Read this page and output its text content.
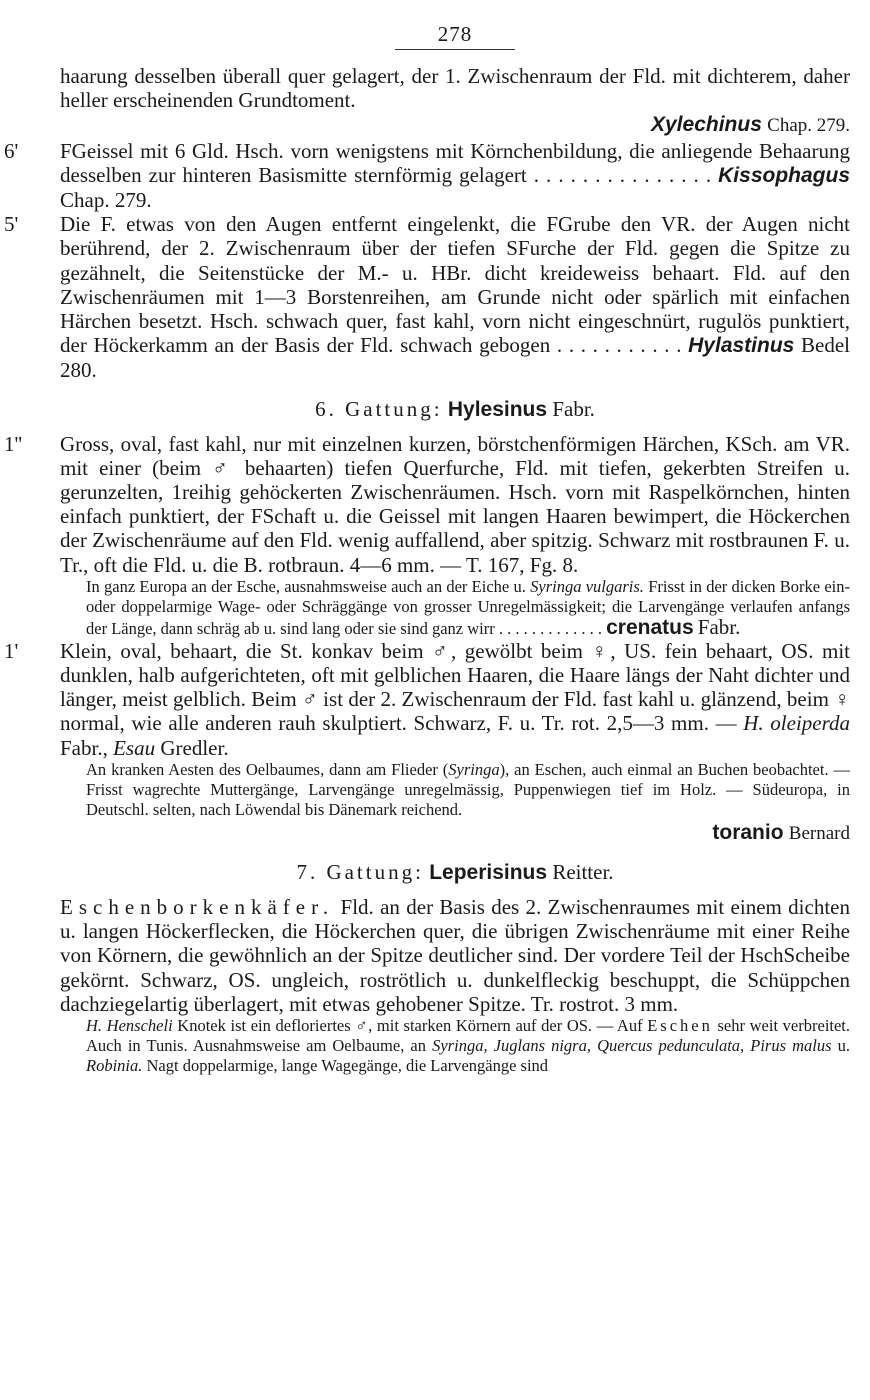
278

haarung desselben überall quer gelagert, der 1. Zwischenraum der Fld. mit dichterem, daher heller erscheinenden Grundtoment.

Xylechinus Chap. 279.

6' FGeissel mit 6 Gld. Hsch. vorn wenigstens mit Körnchenbildung, die anliegende Behaarung desselben zur hinteren Basismitte sternförmig gelagert . . . . . . . . . . . . . . . Kissophagus Chap. 279.

5' Die F. etwas von den Augen entfernt eingelenkt, die FGrube den VR. der Augen nicht berührend, der 2. Zwischenraum über der tiefen SFurche der Fld. gegen die Spitze zu gezähnelt, die Seitenstücke der M.- u. HBr. dicht kreideweiss behaart. Fld. auf den Zwischenräumen mit 1—3 Borstenreihen, am Grunde nicht oder spärlich mit einfachen Härchen besetzt. Hsch. schwach quer, fast kahl, vorn nicht eingeschnürt, rugulös punktiert, der Höckerkamm an der Basis der Fld. schwach gebogen . . . . . . . . . . . Hylastinus Bedel 280.

6. Gattung: Hylesinus Fabr.
1'' Gross, oval, fast kahl, nur mit einzelnen kurzen, börstchenförmigen Härchen, KSch. am VR. mit einer (beim ♂ behaarten) tiefen Querfurche, Fld. mit tiefen, gekerbten Streifen u. gerunzelten, 1reihig gehöckerten Zwischenräumen. Hsch. vorn mit Raspelkörnchen, hinten einfach punktiert, der FSchaft u. die Geissel mit langen Haaren bewimpert, die Höckerchen der Zwischenräume auf den Fld. wenig auffallend, aber spitzig. Schwarz mit rostbraunen F. u. Tr., oft die Fld. u. die B. rotbraun. 4—6 mm. — T. 167, Fg. 8.

In ganz Europa an der Esche, ausnahmsweise auch an der Eiche u. Syringa vulgaris. Frisst in der dicken Borke ein- oder doppelarmige Wage- oder Schräggänge von grosser Unregelmässigkeit; die Larvengänge verlaufen anfangs der Länge, dann schräg ab u. sind lang oder sie sind ganz wirr . . . . . . . . . . . . . crenatus Fabr.

1' Klein, oval, behaart, die St. konkav beim ♂, gewölbt beim ♀, US. fein behaart, OS. mit dunklen, halb aufgerichteten, oft mit gelblichen Haaren, die Haare längs der Naht dichter und länger, meist gelblich. Beim ♂ ist der 2. Zwischenraum der Fld. fast kahl u. glänzend, beim ♀ normal, wie alle anderen rauh skulptiert. Schwarz, F. u. Tr. rot. 2,5—3 mm. — H. oleiperda Fabr., Esau Gredler.

An kranken Aesten des Oelbaumes, dann am Flieder (Syringa), an Eschen, auch einmal an Buchen beobachtet. — Frisst wagrechte Muttergänge, Larvengänge unregelmässig, Puppenwiegen tief im Holz. — Südeuropa, in Deutschl. selten, nach Löwendal bis Dänemark reichend.

toranio Bernard

7. Gattung: Leperisinus Reitter.

Eschenborkenkäfer. Fld. an der Basis des 2. Zwischenraumes mit einem dichten u. langen Höckerflecken, die Höckerchen quer, die übrigen Zwischenräume mit einer Reihe von Körnern, die gewöhnlich an der Spitze deutlicher sind. Der vordere Teil der HschScheibe gekörnt. Schwarz, OS. ungleich, roströtlich u. dunkelfleckig beschuppt, die Schüppchen dachziegelartig überlagert, mit etwas gehobener Spitze. Tr. rostrot. 3 mm.

H. Henscheli Knotek ist ein defloriertes ♂, mit starken Körnern auf der OS. — Auf Eschen sehr weit verbreitet. Auch in Tunis. Ausnahmsweise am Oelbaume, an Syringa, Juglans nigra, Quercus pedunculata, Pirus malus u. Robinia. Nagt doppelarmige, lange Wagegänge, die Larvengänge sind
